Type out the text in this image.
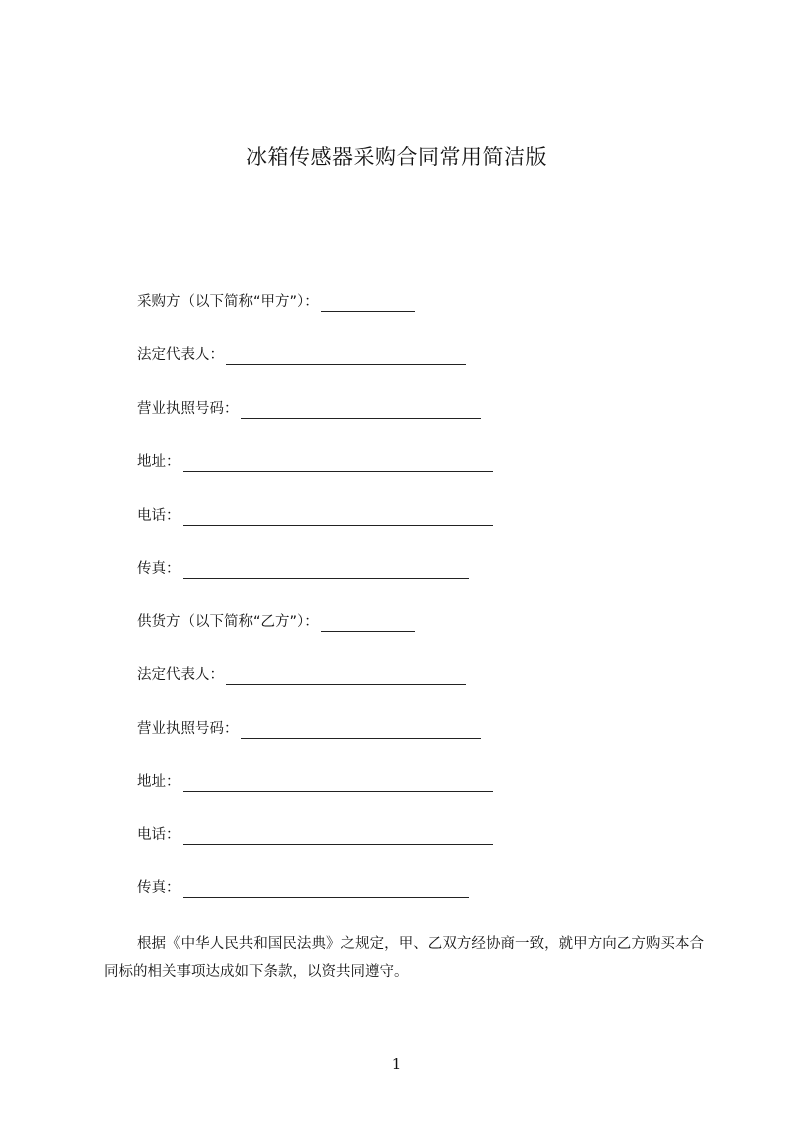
冰箱传感器采购合同常用简洁版
采购方（以下简称“甲方”）：
法定代表人：
营业执照号码：
地址：
电话：
传真：
供货方（以下简称“乙方”）：
法定代表人：
营业执照号码：
地址：
电话：
传真：

根据《中华人民共和国民法典》之规定，甲、乙双方经协商一致，就甲方向乙方购买本合同标的相关事项达成如下条款，以资共同遵守。

1
